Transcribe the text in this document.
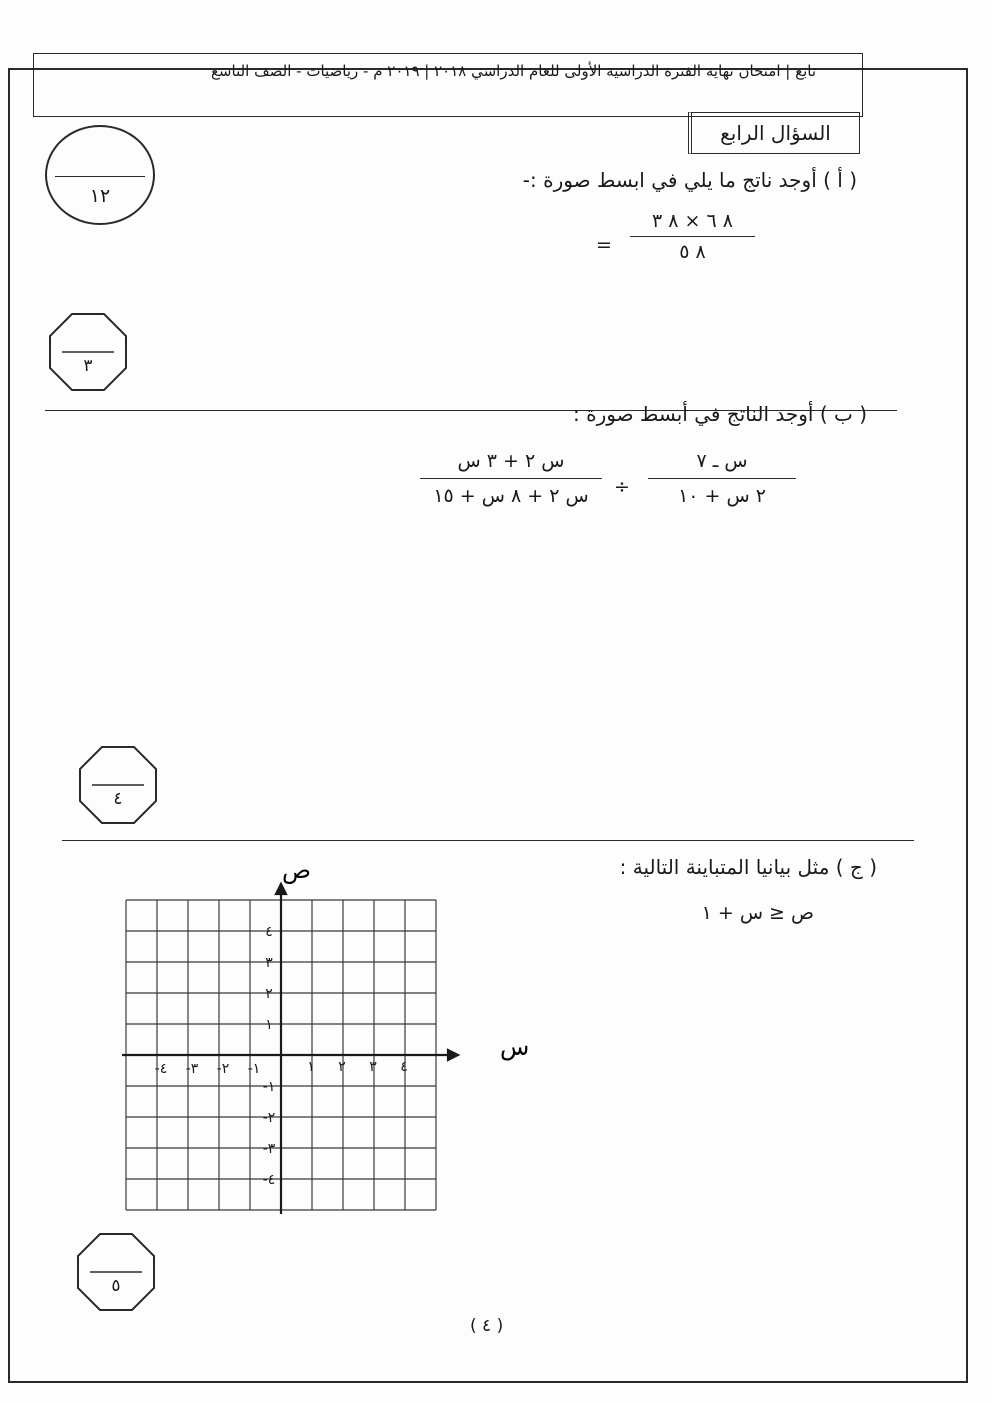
تابع | امتحان نهاية الفترة الدراسية الأولى للعام الدراسي ٢٠١٨ | ٢٠١٩ م - رياضيات - الصف التاسع
السؤال الرابع
١٢
( أ ) أوجد ناتج ما يلي في ابسط صورة :-
٨ ٦ × ٨ ٣
٨ ٥
=
٣
( ب ) أوجد الناتج في أبسط صورة :
س ـ ٧
٢ س + ١٠
÷
س ٢ + ٣ س
س ٢ + ٨ س + ١٥
٤
( ج ) مثل بيانيا المتباينة التالية :
ص ≤ س + ١
١ ٢ ٣ ٤
-١
-٢
-٣
-٤
١
٢
٣
٤
-١
-٢
-٣
-٤
س
ص
٥
( ٤ )
